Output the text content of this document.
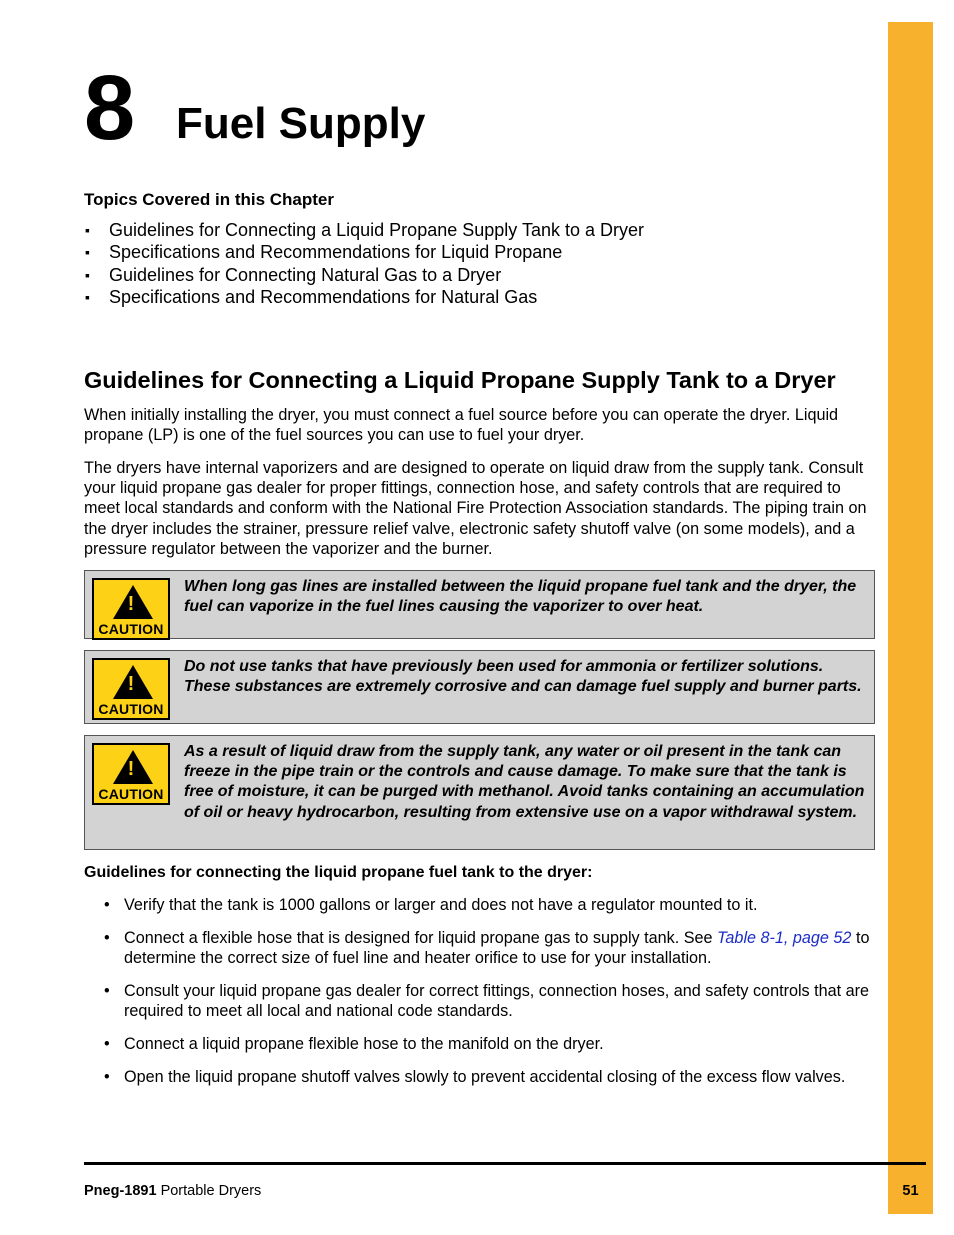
8 Fuel Supply
Topics Covered in this Chapter
▪ Guidelines for Connecting a Liquid Propane Supply Tank to a Dryer
▪ Specifications and Recommendations for Liquid Propane
▪ Guidelines for Connecting Natural Gas to a Dryer
▪ Specifications and Recommendations for Natural Gas
Guidelines for Connecting a Liquid Propane Supply Tank to a Dryer

When initially installing the dryer, you must connect a fuel source before you can operate the dryer. Liquid propane (LP) is one of the fuel sources you can use to fuel your dryer.

The dryers have internal vaporizers and are designed to operate on liquid draw from the supply tank. Consult your liquid propane gas dealer for proper fittings, connection hose, and safety controls that are required to meet local standards and conform with the National Fire Protection Association standards. The piping train on the dryer includes the strainer, pressure relief valve, electronic safety shutoff valve (on some models), and a pressure regulator between the vaporizer and the burner.

!
CAUTION
When long gas lines are installed between the liquid propane fuel tank and the dryer, the fuel can vaporize in the fuel lines causing the vaporizer to over heat.
!
CAUTION
Do not use tanks that have previously been used for ammonia or fertilizer solutions. These substances are extremely corrosive and can damage fuel supply and burner parts.
!
CAUTION
As a result of liquid draw from the supply tank, any water or oil present in the tank can freeze in the pipe train or the controls and cause damage. To make sure that the tank is free of moisture, it can be purged with methanol. Avoid tanks containing an accumulation of oil or heavy hydrocarbon, resulting from extensive use on a vapor withdrawal system.
Guidelines for connecting the liquid propane fuel tank to the dryer:
• Verify that the tank is 1000 gallons or larger and does not have a regulator mounted to it.
• Connect a flexible hose that is designed for liquid propane gas to supply tank. See Table 8-1, page 52 to determine the correct size of fuel line and heater orifice to use for your installation.
• Consult your liquid propane gas dealer for correct fittings, connection hoses, and safety controls that are required to meet all local and national code standards.
• Connect a liquid propane flexible hose to the manifold on the dryer.
• Open the liquid propane shutoff valves slowly to prevent accidental closing of the excess flow valves.
Pneg-1891 Portable Dryers	51
